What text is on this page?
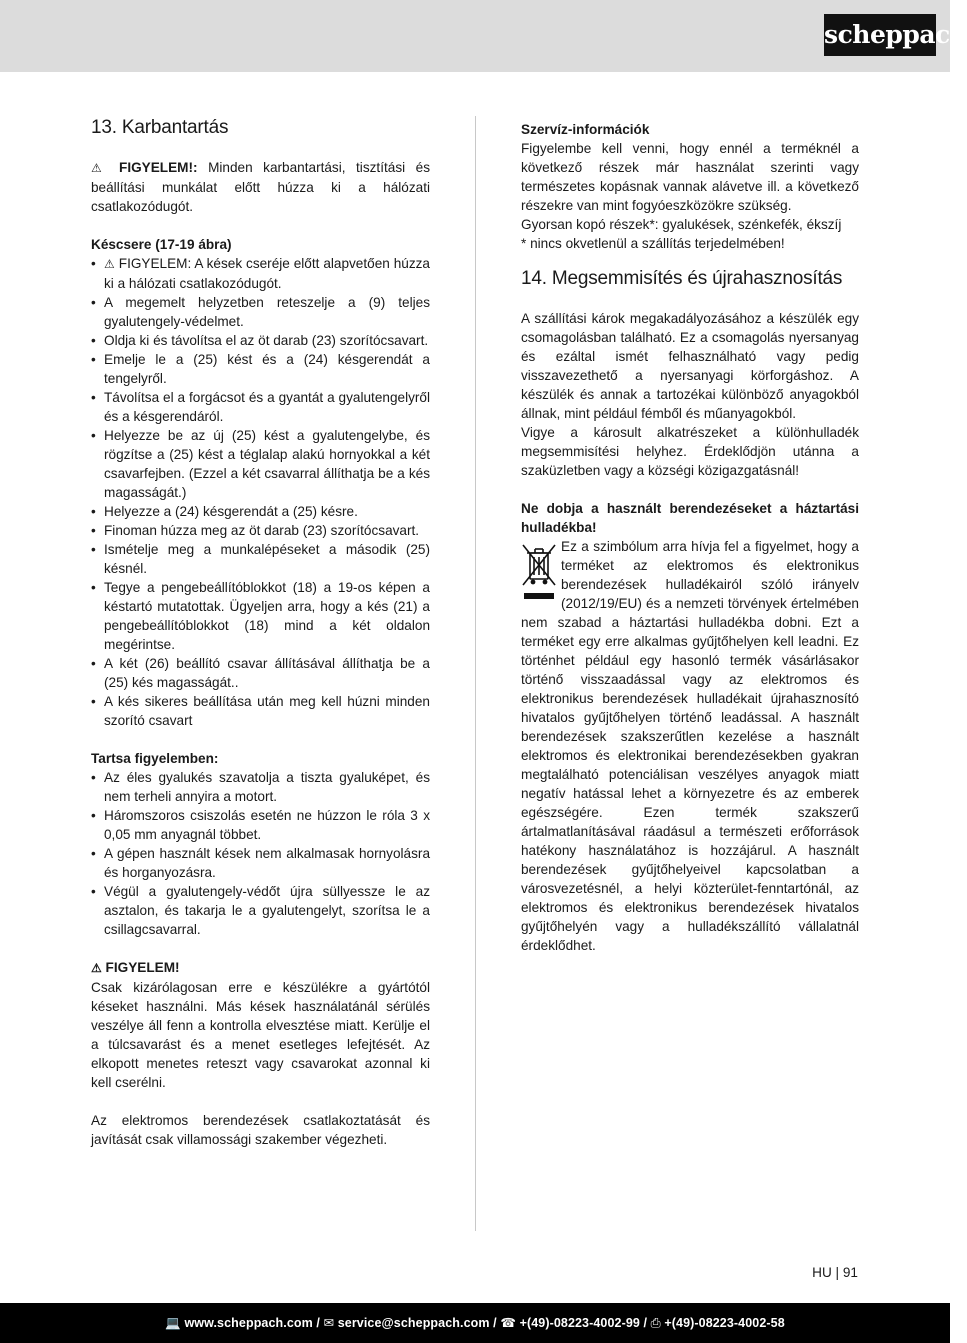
scheppach
13. Karbantartás

⚠ FIGYELEM!: Minden karbantartási, tisztítási és beállítási munkálat előtt húzza ki a hálózati csatlakozódugót.

Késcsere (17-19 ábra)

• ⚠ FIGYELEM: A kések cseréje előtt alapvetően húzza ki a hálózati csatlakozódugót.
• A megemelt helyzetben reteszelje a (9) teljes gyalutengely-védelmet.
• Oldja ki és távolítsa el az öt darab (23) szorítócsavart.
• Emelje le a (25) kést és a (24) késgerendát a tengelyről.
• Távolítsa el a forgácsot és a gyantát a gyalutengelyről és a késgerendáról.
• Helyezze be az új (25) kést a gyalutengelybe, és rögzítse a (25) kést a téglalap alakú hornyokkal a két csavarfejben. (Ezzel a két csavarral állíthatja be a kés magasságát.)
• Helyezze a (24) késgerendát a (25) késre.
• Finoman húzza meg az öt darab (23) szorítócsavart.
• Ismételje meg a munkalépéseket a második (25) késnél.
• Tegye a pengebeállítóblokkot (18) a 19-os képen a késtartó mutatottak. Ügyeljen arra, hogy a kés (21) a pengebeállítóblokkot (18) mind a két oldalon megérintse.
• A két (26) beállító csavar állításával állíthatja be a (25) kés magasságát..
• A kés sikeres beállítása után meg kell húzni minden szorító csavart

Tartsa figyelemben:

• Az éles gyalukés szavatolja a tiszta gyaluképet, és nem terheli annyira a motort.
• Háromszoros csiszolás esetén ne húzzon le róla 3 x 0,05 mm anyagnál többet.
• A gépen használt kések nem alkalmasak hornyolásra és horganyozásra.
• Végül a gyalutengely-védőt újra süllyessze le az asztalon, és takarja le a gyalutengelyt, szorítsa le a csillagcsavarral.

⚠ FIGYELEM!

Csak kizárólagosan erre e készülékre a gyártótól késeket használni. Más kések használatánál sérülés veszélye áll fenn a kontrolla elvesztése miatt. Kerülje el a túlcsavarást és a menet esetleges lefejtését. Az elkopott menetes reteszt vagy csavarokat azonnal ki kell cserélni.

Az elektromos berendezések csatlakoztatását és javítását csak villamossági szakember végezheti.

Szervíz-információk

Figyelembe kell venni, hogy ennél a terméknél a következő részek már használat szerinti vagy természetes kopásnak vannak alávetve ill. a következő részekre van mint fogyóeszközökre szükség.

Gyorsan kopó részek*: gyalukések, szénkefék, ékszíj

* nincs okvetlenül a szállítás terjedelmében!

14. Megsemmisítés és újrahasznosítás

A szállítási károk megakadályozásához a készülék egy csomagolásban található. Ez a csomagolás nyersanyag és ezáltal ismét felhasználható vagy pedig visszavezethető a nyersanyagi körforgáshoz. A készülék és annak a tartozékai különböző anyagokból állnak, mint például fémből és műanyagokból.

Vigye a károsult alkatrészeket a különhulladék megsemmisítési helyhez. Érdeklődjön utánna a szaküzletben vagy a községi közigazgatásnál!

Ne dobja a használt berendezéseket a háztartási hulladékba!

Ez a szimbólum arra hívja fel a figyelmet, hogy a terméket az elektromos és elektronikus berendezések hulladékairól szóló irányelv (2012/19/EU) és a nemzeti törvények értelmében nem szabad a háztartási hulladékba dobni. Ezt a terméket egy erre alkalmas gyűjtőhelyen kell leadni. Ez történhet például egy hasonló termék vásárlásakor történő visszaadással vagy az elektromos és elektronikus berendezések hulladékait újrahasznosító hivatalos gyűjtőhelyen történő leadással. A használt berendezések szakszerűtlen kezelése a használt elektromos és elektronikai berendezésekben gyakran megtalálható potenciálisan veszélyes anyagok miatt negatív hatással lehet a környezetre és az emberek egészségére. Ezen termék szakszerű ártalmatlanításával ráadásul a természeti erőforrások hatékony használatához is hozzájárul. A használt berendezések gyűjtőhelyeivel kapcsolatban a városvezetésnél, a helyi közterület-fenntartónál, az elektromos és elektronikus berendezések hivatalos gyűjtőhelyén vagy a hulladékszállító vállalatnál érdeklődhet.

HU | 91
💻 www.scheppach.com / ✉ service@scheppach.com / ☎ +(49)-08223-4002-99 / ⎙ +(49)-08223-4002-58
